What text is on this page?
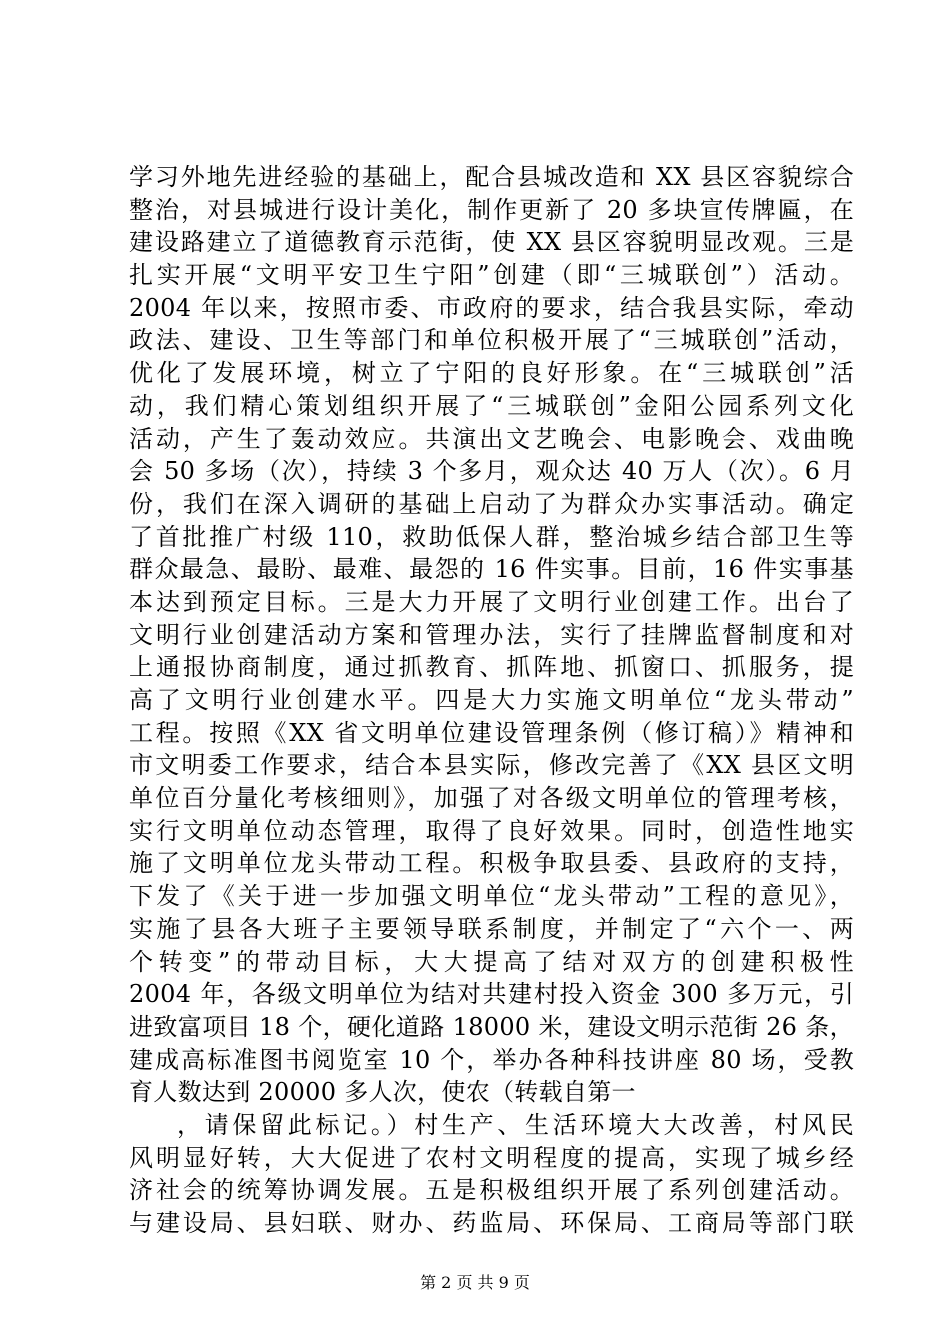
学习外地先进经验的基础上，配合县城改造和 XX 县区容貌综合
整治，对县城进行设计美化，制作更新了 20 多块宣传牌匾，在
建设路建立了道德教育示范街，使 XX 县区容貌明显改观。三是
扎实开展“文明平安卫生宁阳”创建（即“三城联创”）活动。
2004 年以来，按照市委、市政府的要求，结合我县实际，牵动
政法、建设、卫生等部门和单位积极开展了“三城联创”活动，
优化了发展环境，树立了宁阳的良好形象。在“三城联创”活
动，我们精心策划组织开展了“三城联创”金阳公园系列文化
活动，产生了轰动效应。共演出文艺晚会、电影晚会、戏曲晚
会 50 多场（次），持续 3 个多月，观众达 40 万人（次）。6 月
份，我们在深入调研的基础上启动了为群众办实事活动。确定
了首批推广村级 110，救助低保人群，整治城乡结合部卫生等
群众最急、最盼、最难、最怨的 16 件实事。目前，16 件实事基
本达到预定目标。三是大力开展了文明行业创建工作。出台了
文明行业创建活动方案和管理办法，实行了挂牌监督制度和对
上通报协商制度，通过抓教育、抓阵地、抓窗口、抓服务，提
高了文明行业创建水平。四是大力实施文明单位“龙头带动”
工程。按照《XX 省文明单位建设管理条例（修订稿）》精神和
市文明委工作要求，结合本县实际，修改完善了《XX 县区文明
单位百分量化考核细则》，加强了对各级文明单位的管理考核，
实行文明单位动态管理，取得了良好效果。同时，创造性地实
施了文明单位龙头带动工程。积极争取县委、县政府的支持，
下发了《关于进一步加强文明单位“龙头带动”工程的意见》，
实施了县各大班子主要领导联系制度，并制定了“六个一、两
个转变”的带动目标，大大提高了结对双方的创建积极性
2004 年，各级文明单位为结对共建村投入资金 300 多万元，引
进致富项目 18 个，硬化道路 18000 米，建设文明示范街 26 条，
建成高标准图书阅览室 10 个，举办各种科技讲座 80 场，受教
育人数达到 20000 多人次，使农（转载自第一
，请保留此标记。）村生产、生活环境大大改善，村风民
风明显好转，大大促进了农村文明程度的提高，实现了城乡经
济社会的统筹协调发展。五是积极组织开展了系列创建活动。
与建设局、县妇联、财办、药监局、环保局、工商局等部门联
第 2 页 共 9 页
